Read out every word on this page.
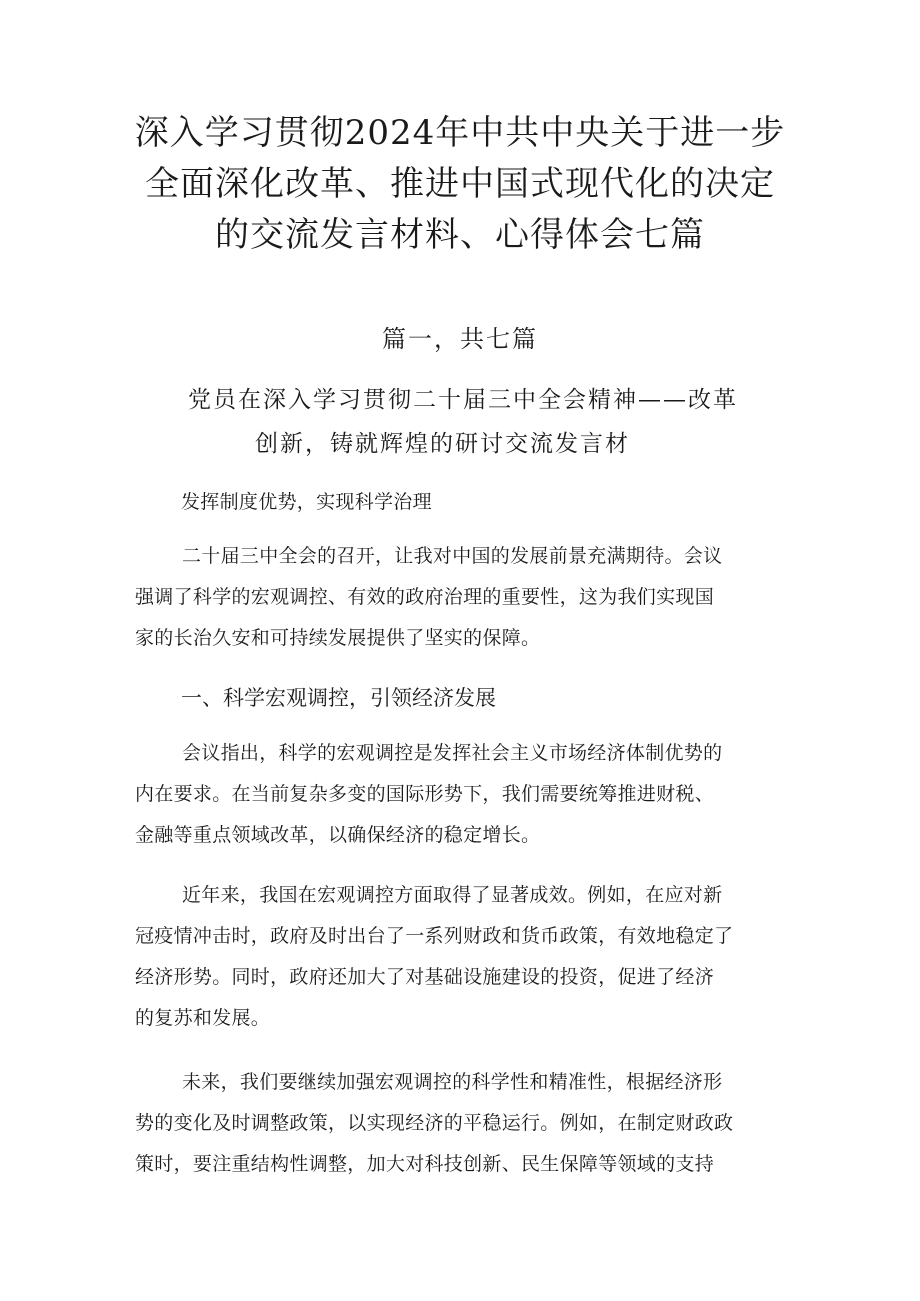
深入学习贯彻2024年中共中央关于进一步
全面深化改革、推进中国式现代化的决定
的交流发言材料、心得体会七篇

篇一，共七篇

党员在深入学习贯彻二十届三中全会精神——改革
创新，铸就辉煌的研讨交流发言材

发挥制度优势，实现科学治理

二十届三中全会的召开，让我对中国的发展前景充满期待。会议
强调了科学的宏观调控、有效的政府治理的重要性，这为我们实现国
家的长治久安和可持续发展提供了坚实的保障。

一、科学宏观调控，引领经济发展

会议指出，科学的宏观调控是发挥社会主义市场经济体制优势的
内在要求。在当前复杂多变的国际形势下，我们需要统筹推进财税、
金融等重点领域改革，以确保经济的稳定增长。

近年来，我国在宏观调控方面取得了显著成效。例如，在应对新
冠疫情冲击时，政府及时出台了一系列财政和货币政策，有效地稳定了
经济形势。同时，政府还加大了对基础设施建设的投资，促进了经济
的复苏和发展。

未来，我们要继续加强宏观调控的科学性和精准性，根据经济形
势的变化及时调整政策，以实现经济的平稳运行。例如，在制定财政政
策时，要注重结构性调整，加大对科技创新、民生保障等领域的支持
